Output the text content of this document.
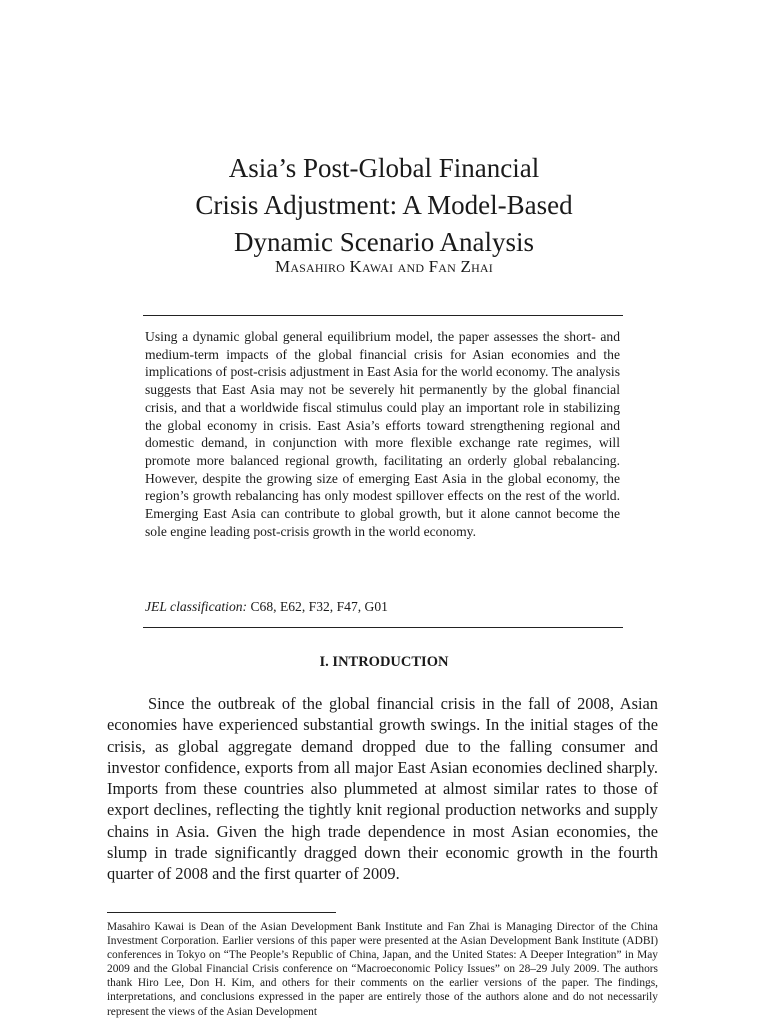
Asia’s Post-Global Financial
Crisis Adjustment: A Model-Based
Dynamic Scenario Analysis
Masahiro Kawai and Fan Zhai

Using a dynamic global general equilibrium model, the paper assesses the short- and medium-term impacts of the global financial crisis for Asian economies and the implications of post-crisis adjustment in East Asia for the world economy. The analysis suggests that East Asia may not be severely hit permanently by the global financial crisis, and that a worldwide fiscal stimulus could play an important role in stabilizing the global economy in crisis. East Asia’s efforts toward strengthening regional and domestic demand, in conjunction with more flexible exchange rate regimes, will promote more balanced regional growth, facilitating an orderly global rebalancing. However, despite the growing size of emerging East Asia in the global economy, the region’s growth rebalancing has only modest spillover effects on the rest of the world. Emerging East Asia can contribute to global growth, but it alone cannot become the sole engine leading post-crisis growth in the world economy.

JEL classification: C68, E62, F32, F47, G01
I. INTRODUCTION

Since the outbreak of the global financial crisis in the fall of 2008, Asian economies have experienced substantial growth swings. In the initial stages of the crisis, as global aggregate demand dropped due to the falling consumer and investor confidence, exports from all major East Asian economies declined sharply. Imports from these countries also plummeted at almost similar rates to those of export declines, reflecting the tightly knit regional production networks and supply chains in Asia. Given the high trade dependence in most Asian economies, the slump in trade significantly dragged down their economic growth in the fourth quarter of 2008 and the first quarter of 2009.

Masahiro Kawai is Dean of the Asian Development Bank Institute and Fan Zhai is Managing Director of the China Investment Corporation. Earlier versions of this paper were presented at the Asian Development Bank Institute (ADBI) conferences in Tokyo on “The People’s Republic of China, Japan, and the United States: A Deeper Integration” in May 2009 and the Global Financial Crisis conference on “Macroeconomic Policy Issues” on 28–29 July 2009. The authors thank Hiro Lee, Don H. Kim, and others for their comments on the earlier versions of the paper. The findings, interpretations, and conclusions expressed in the paper are entirely those of the authors alone and do not necessarily represent the views of the Asian Development
